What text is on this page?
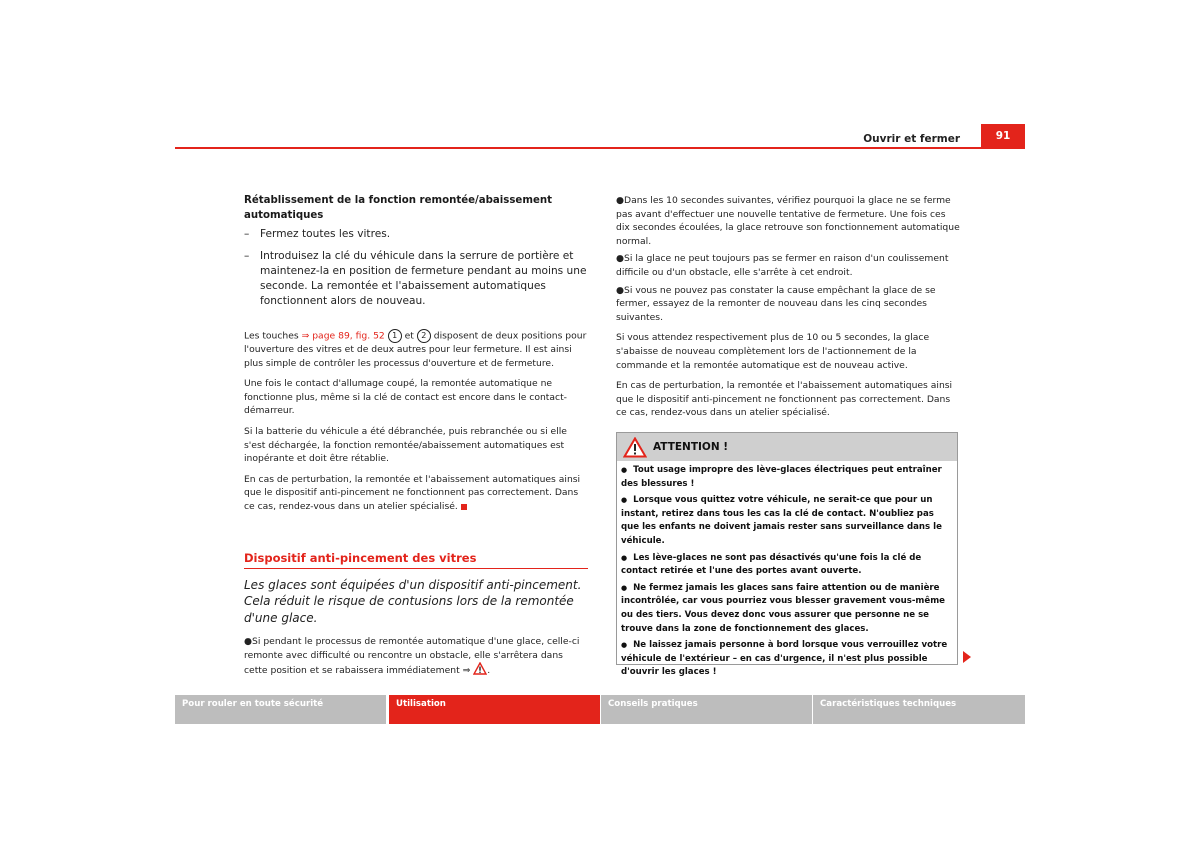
Ouvrir et fermer	91

Rétablissement de la fonction remontée/abaissement automatiques

– Fermez toutes les vitres.
– Introduisez la clé du véhicule dans la serrure de portière et maintenez-la en position de fermeture pendant au moins une seconde. La remontée et l'abaissement automatiques fonctionnent alors de nouveau.

Les touches ⇒ page 89, fig. 52 1 et 2 disposent de deux positions pour l'ouverture des vitres et de deux autres pour leur fermeture. Il est ainsi plus simple de contrôler les processus d'ouverture et de fermeture.

Une fois le contact d'allumage coupé, la remontée automatique ne fonctionne plus, même si la clé de contact est encore dans le contact-démarreur.

Si la batterie du véhicule a été débranchée, puis rebranchée ou si elle s'est déchargée, la fonction remontée/abaissement automatiques est inopérante et doit être rétablie.

En cas de perturbation, la remontée et l'abaissement automatiques ainsi que le dispositif anti-pincement ne fonctionnent pas correctement. Dans ce cas, rendez-vous dans un atelier spécialisé.

Dispositif anti-pincement des vitres

Les glaces sont équipées d'un dispositif anti-pincement. Cela réduit le risque de contusions lors de la remontée d'une glace.

●Si pendant le processus de remontée automatique d'une glace, celle-ci remonte avec difficulté ou rencontre un obstacle, elle s'arrêtera dans cette position et se rabaissera immédiatement ⇒ .

●Dans les 10 secondes suivantes, vérifiez pourquoi la glace ne se ferme pas avant d'effectuer une nouvelle tentative de fermeture. Une fois ces dix secondes écoulées, la glace retrouve son fonctionnement automatique normal.

●Si la glace ne peut toujours pas se fermer en raison d'un coulissement difficile ou d'un obstacle, elle s'arrête à cet endroit.

●Si vous ne pouvez pas constater la cause empêchant la glace de se fermer, essayez de la remonter de nouveau dans les cinq secondes suivantes.

Si vous attendez respectivement plus de 10 ou 5 secondes, la glace s'abaisse de nouveau complètement lors de l'actionnement de la commande et la remontée automatique est de nouveau active.

En cas de perturbation, la remontée et l'abaissement automatiques ainsi que le dispositif anti-pincement ne fonctionnent pas correctement. Dans ce cas, rendez-vous dans un atelier spécialisé.

ATTENTION !

● Tout usage impropre des lève-glaces électriques peut entraîner des blessures !

● Lorsque vous quittez votre véhicule, ne serait-ce que pour un instant, retirez dans tous les cas la clé de contact. N'oubliez pas que les enfants ne doivent jamais rester sans surveillance dans le véhicule.

● Les lève-glaces ne sont pas désactivés qu'une fois la clé de contact retirée et l'une des portes avant ouverte.

● Ne fermez jamais les glaces sans faire attention ou de manière incontrôlée, car vous pourriez vous blesser gravement vous-même ou des tiers. Vous devez donc vous assurer que personne ne se trouve dans la zone de fonctionnement des glaces.

● Ne laissez jamais personne à bord lorsque vous verrouillez votre véhicule de l'extérieur – en cas d'urgence, il n'est plus possible d'ouvrir les glaces !

Pour rouler en toute sécurité	Utilisation	Conseils pratiques	Caractéristiques techniques
